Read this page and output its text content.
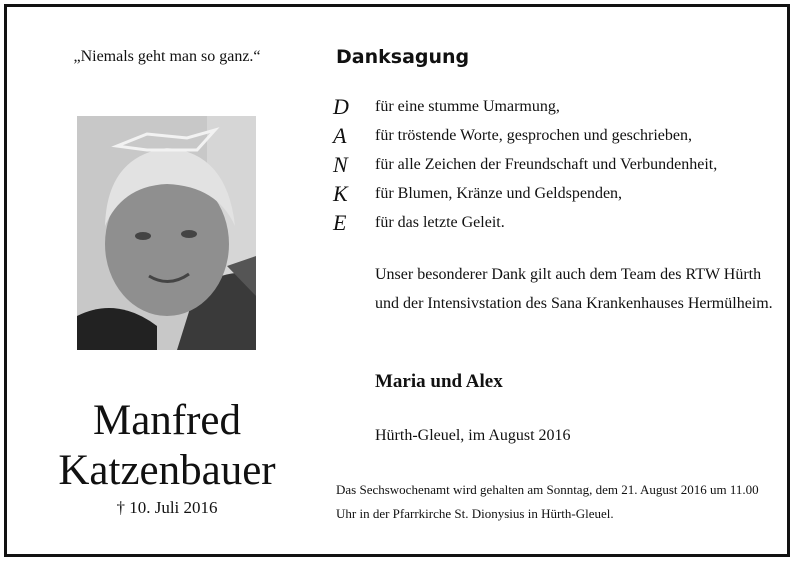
„Niemals geht man so ganz.“
Manfred
Katzenbauer
† 10. Juli 2016
Danksagung
D für eine stumme Umarmung,
A für tröstende Worte, gesprochen und geschrieben,
N für alle Zeichen der Freundschaft und Verbundenheit,
K für Blumen, Kränze und Geldspenden,
E für das letzte Geleit.
Unser besonderer Dank gilt auch dem Team des RTW Hürth und der Intensivstation des Sana Krankenhauses Hermülheim.
Maria und Alex
Hürth-Gleuel, im August 2016
Das Sechswochenamt wird gehalten am Sonntag, dem 21. August 2016 um 11.00 Uhr in der Pfarrkirche St. Dionysius in Hürth-Gleuel.
